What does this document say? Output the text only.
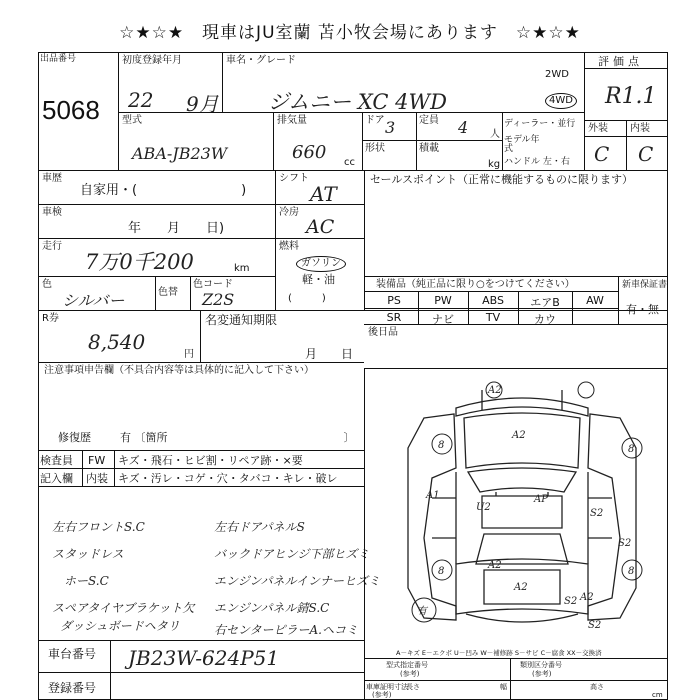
☆★☆★　現車はJU室蘭 苫小牧会場にあります　☆★☆★
出品番号
5068
初度登録年月
22 9月
車名・グレード
ジムニー XC 4WD
2WD
4WD
評価点
R1.1
型式
ABA-JB23W
排気量
660 cc
ドア 3 定員 4 人
形状	積載
kg
ディーラー・並行
モデル年式
ハンドル 左・右
外装 内装
C C
車歴
自家用・(　　　　　　　　)
シフト
AT
セールスポイント（正常に機能するものに限ります）
車検
年　　月　　日)
冷房
AC
走行
7万0千200	km
燃料
ガソリン
軽・油
(　　　)
色
シルバー	色替
色コード
Z2S
R券
8,540
円
名変通知期限
月　　日
装備品（純正品に限り○をつけてください）	新車保証書
有・無
PS	PW	ABS	エアB	AW
SR	ナビ	TV	カウ
後日品
注意事項申告欄（不具合内容等は具体的に記入して下さい）
修復歴	有 〔箇所　　　　　　　　　　　　　　　　〕
検査員 FW キズ・飛石・ヒビ割・リペア跡・×要
記入欄 内装 キズ・汚レ・コゲ・穴・タバコ・キレ・破レ
左右フロントS.C
スタッドレス
ホーS.C
スペアタイヤブラケット欠
ダッシュボードヘタリ
左右ドアパネルS
バックドアヒンジ下部ヒズミ
エンジンパネルインナーヒズミ
エンジンパネル錆S.C
右センターピラーA.ヘコミ
車台番号 JB23W-624P51
登録番号
8	8
8	8
A2
A2
A1	AP
U2
S2
S2
A2
A2
S2 A2
S2
有
A－キズ E－エクボ U－凹み W－補修跡 S－サビ C－腐食 XX－交換済
型式指定番号
(参考)
類別区分番号
(参考)
車庫証明寸法
(参考)
長さ	幅	高さ
cm
